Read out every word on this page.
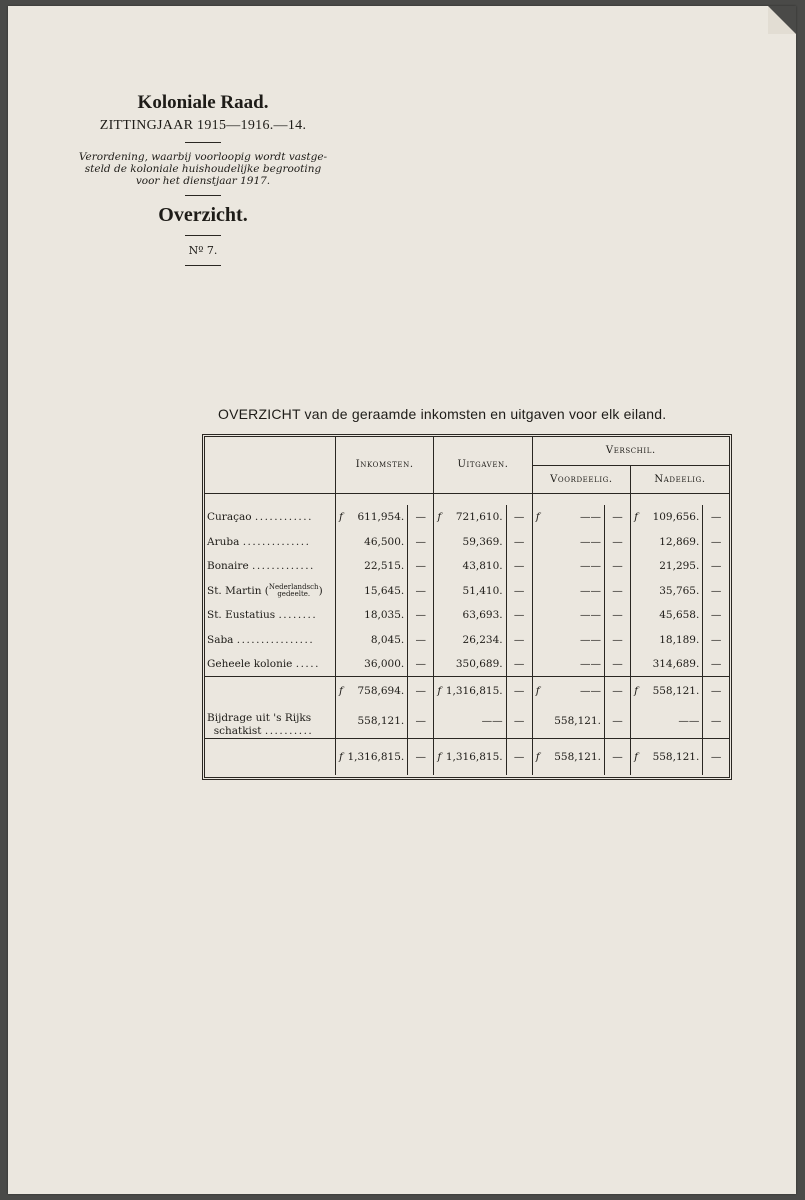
Koloniale Raad.
ZITTINGJAAR 1915—1916.—14.
Verordening, waarbij voorloopig wordt vastge-
steld de koloniale huishoudelijke begrooting
voor het dienstjaar 1917.
Overzicht.
Nº 7.
OVERZICHT van de geraamde inkomsten en uitgaven voor elk eiland.
	Inkomsten.		Uitgaven.		Verschil.			
					Voordeelig.		Nadeelig.	

Curaçao ............	f 611,954.	—	f 721,610.	—	f ——	—	f 109,656.	—
Aruba ..............	46,500.	—	59,369.	—	——	—	12,869.	—
Bonaire .............	22,515.	—	43,810.	—	——	—	21,295.	—
St. Martin (Nederlandsch
gedeelte. )	15,645.	—	51,410.	—	——	—	35,765.	—
St. Eustatius ........	18,035.	—	63,693.	—	——	—	45,658.	—
Saba ................	8,045.	—	26,234.	—	——	—	18,189.	—
Geheele kolonie .....	36,000.	—	350,689.	—	——	—	314,689.	—

	f 758,694.	—	f 1,316,815.	—	f ——	—	f 558,121.	—

Bijdrage uit 's Rijks
schatkist ..........	558,121.	—	——	—	558,121.	—	——	—

	f 1,316,815.	—	f 1,316,815.	—	f 558,121.	—	f 558,121.	—
